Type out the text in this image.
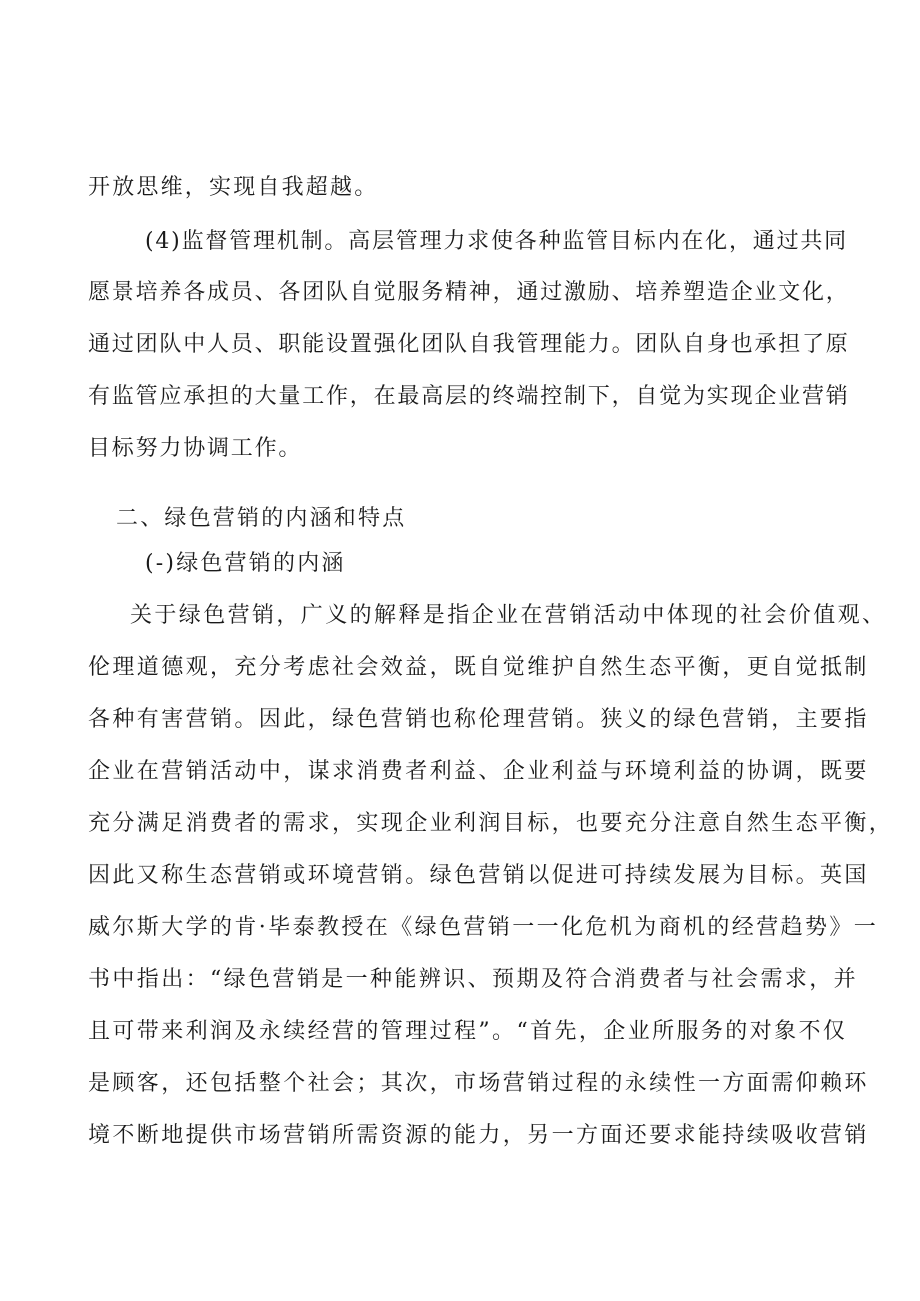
开放思维，实现自我超越。
(4)监督管理机制。高层管理力求使各种监管目标内在化，通过共同
愿景培养各成员、各团队自觉服务精神，通过激励、培养塑造企业文化，
通过团队中人员、职能设置强化团队自我管理能力。团队自身也承担了原
有监管应承担的大量工作，在最高层的终端控制下，自觉为实现企业营销
目标努力协调工作。
二、绿色营销的内涵和特点
(-)绿色营销的内涵
关于绿色营销，广义的解释是指企业在营销活动中体现的社会价值观、
伦理道德观，充分考虑社会效益，既自觉维护自然生态平衡，更自觉抵制
各种有害营销。因此，绿色营销也称伦理营销。狭义的绿色营销，主要指
企业在营销活动中，谋求消费者利益、企业利益与环境利益的协调，既要
充分满足消费者的需求，实现企业利润目标，也要充分注意自然生态平衡，
因此又称生态营销或环境营销。绿色营销以促进可持续发展为目标。英国
威尔斯大学的肯·毕泰教授在《绿色营销一一化危机为商机的经营趋势》一
书中指出：“绿色营销是一种能辨识、预期及符合消费者与社会需求，并
且可带来利润及永续经营的管理过程”。“首先，企业所服务的对象不仅
是顾客，还包括整个社会；其次，市场营销过程的永续性一方面需仰赖环
境不断地提供市场营销所需资源的能力，另一方面还要求能持续吸收营销
